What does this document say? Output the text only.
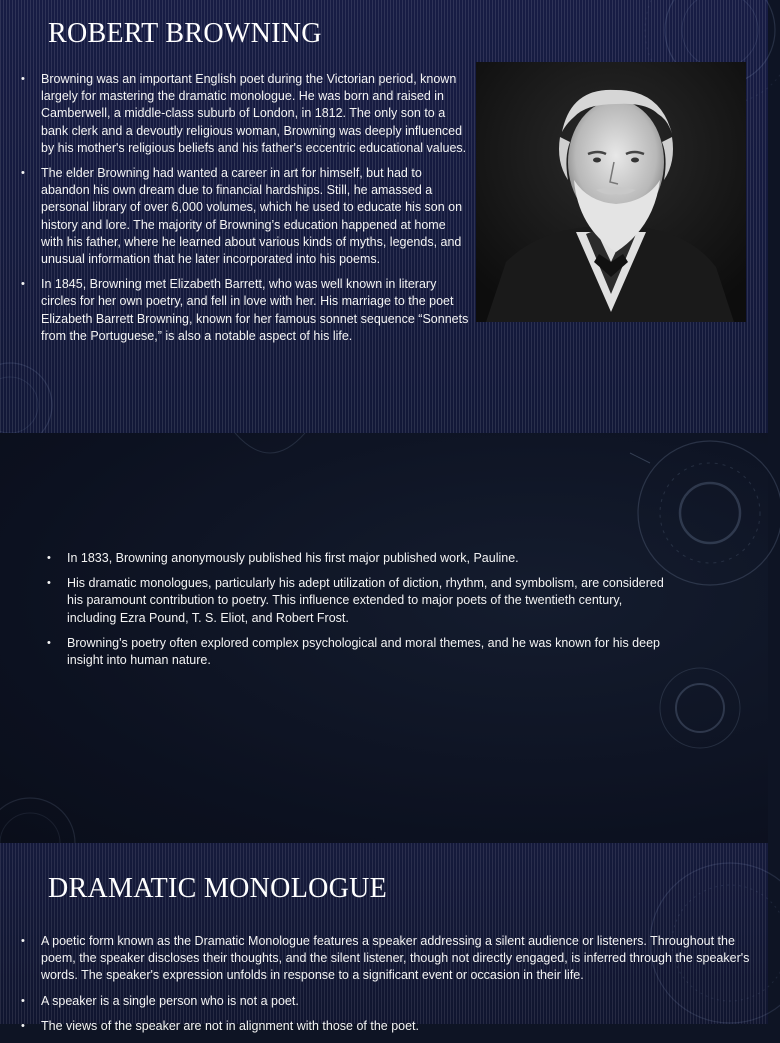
ROBERT BROWNING
• Browning was an important English poet during the Victorian period, known largely for mastering the dramatic monologue. He was born and raised in Camberwell, a middle-class suburb of London, in 1812. The only son to a bank clerk and a devoutly religious woman, Browning was deeply influenced by his mother's religious beliefs and his father's eccentric educational values.
• The elder Browning had wanted a career in art for himself, but had to abandon his own dream due to financial hardships. Still, he amassed a personal library of over 6,000 volumes, which he used to educate his son on history and lore. The majority of Browning’s education happened at home with his father, where he learned about various kinds of myths, legends, and unusual information that he later incorporated into his poems.
• In 1845, Browning met Elizabeth Barrett, who was well known in literary circles for her own poetry, and fell in love with her. His marriage to the poet Elizabeth Barrett Browning, known for her famous sonnet sequence “Sonnets from the Portuguese,” is also a notable aspect of his life.
• In 1833, Browning anonymously published his first major published work, Pauline.
• His dramatic monologues, particularly his adept utilization of diction, rhythm, and symbolism, are considered his paramount contribution to poetry. This influence extended to major poets of the twentieth century, including Ezra Pound, T. S. Eliot, and Robert Frost.
• Browning's poetry often explored complex psychological and moral themes, and he was known for his deep insight into human nature.
DRAMATIC MONOLOGUE
• A poetic form known as the Dramatic Monologue features a speaker addressing a silent audience or listeners. Throughout the poem, the speaker discloses their thoughts, and the silent listener, though not directly engaged, is inferred through the speaker's words. The speaker's expression unfolds in response to a significant event or occasion in their life.
• A speaker is a single person who is not a poet.
• The views of the speaker are not in alignment with those of the poet.
